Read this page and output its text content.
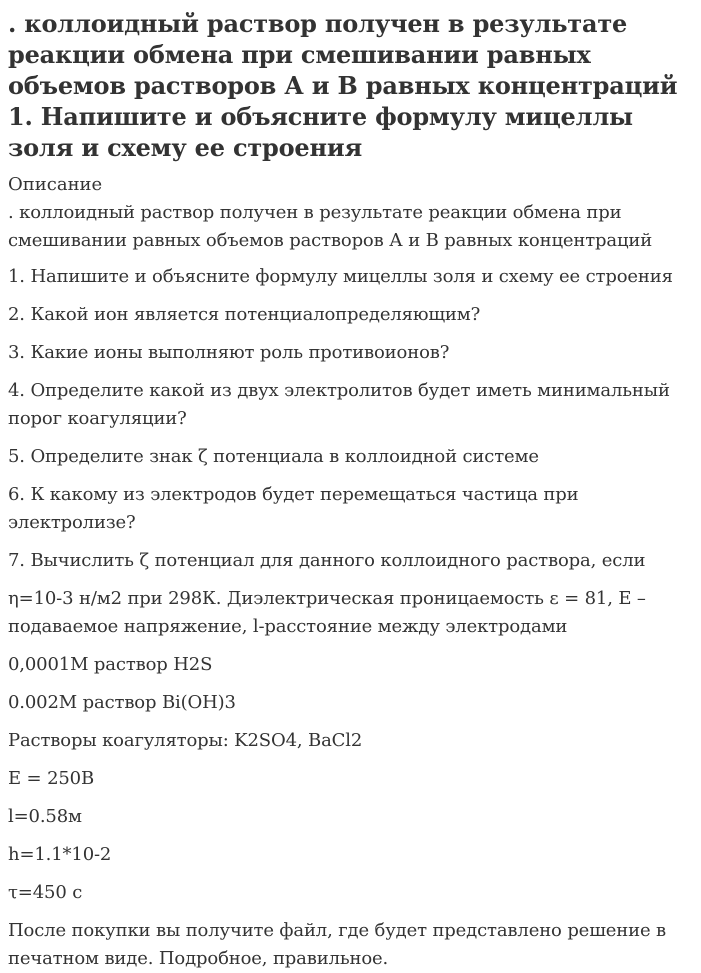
. коллоидный раствор получен в результате реакции обмена при смешивании равных объемов растворов А и В равных концентраций 1. Напишите и объясните формулу мицеллы золя и схему ее строения
Описание

. коллоидный раствор получен в результате реакции обмена при смешивании равных объемов растворов А и В равных концентраций

1. Напишите и объясните формулу мицеллы золя и схему ее строения

2. Какой ион является потенциалопределяющим?

3. Какие ионы выполняют роль противоионов?

4. Определите какой из двух электролитов будет иметь минимальный порог коагуляции?

5. Определите знак ζ потенциала в коллоидной системе

6. К какому из электродов будет перемещаться частица при электролизе?

7. Вычислить ζ потенциал для данного коллоидного раствора, если

η=10-3 н/м2 при 298К. Диэлектрическая проницаемость ε = 81, Е – подаваемое напряжение, l-расстояние между электродами

0,0001М раствор H2S

0.002М раствор Bi(OH)3

Растворы коагуляторы: K2SO4, BaCl2

E = 250В

l=0.58м

h=1.1*10-2

τ=450 с

После покупки вы получите файл, где будет представлено решение в печатном виде. Подробное, правильное.
